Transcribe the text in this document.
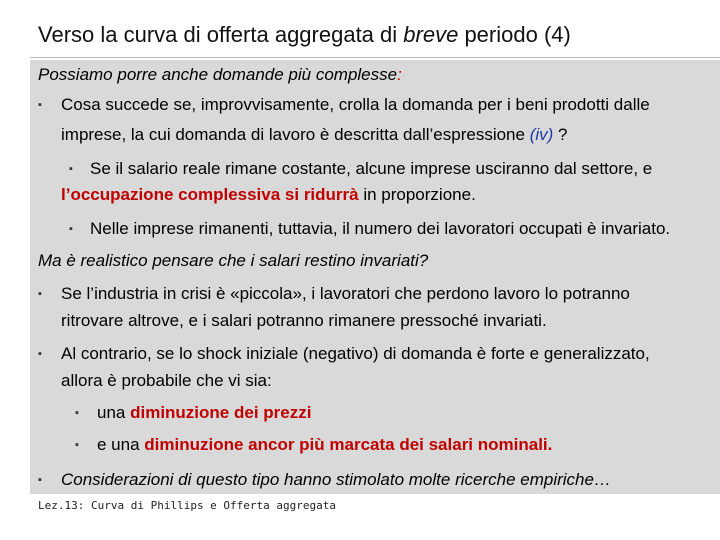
Verso la curva di offerta aggregata di breve periodo (4)
Possiamo porre anche domande più complesse:
▪ Cosa succede se, improvvisamente, crolla la domanda per i beni prodotti dalle
imprese, la cui domanda di lavoro è descritta dall’espressione (iv) ?
▪ Se il salario reale rimane costante, alcune imprese usciranno dal settore, e
l’occupazione complessiva si ridurrà in proporzione.
▪ Nelle imprese rimanenti, tuttavia, il numero dei lavoratori occupati è invariato.
Ma è realistico pensare che i salari restino invariati?
▪ Se l’industria in crisi è «piccola», i lavoratori che perdono lavoro lo potranno
ritrovare altrove, e i salari potranno rimanere pressoché invariati.
▪ Al contrario, se lo shock iniziale (negativo) di domanda è forte e generalizzato,
allora è probabile che vi sia:
▪ una diminuzione dei prezzi
▪ e una diminuzione ancor più marcata dei salari nominali.
▪ Considerazioni di questo tipo hanno stimolato molte ricerche empiriche…
Lez.13: Curva di Phillips e Offerta aggregata
